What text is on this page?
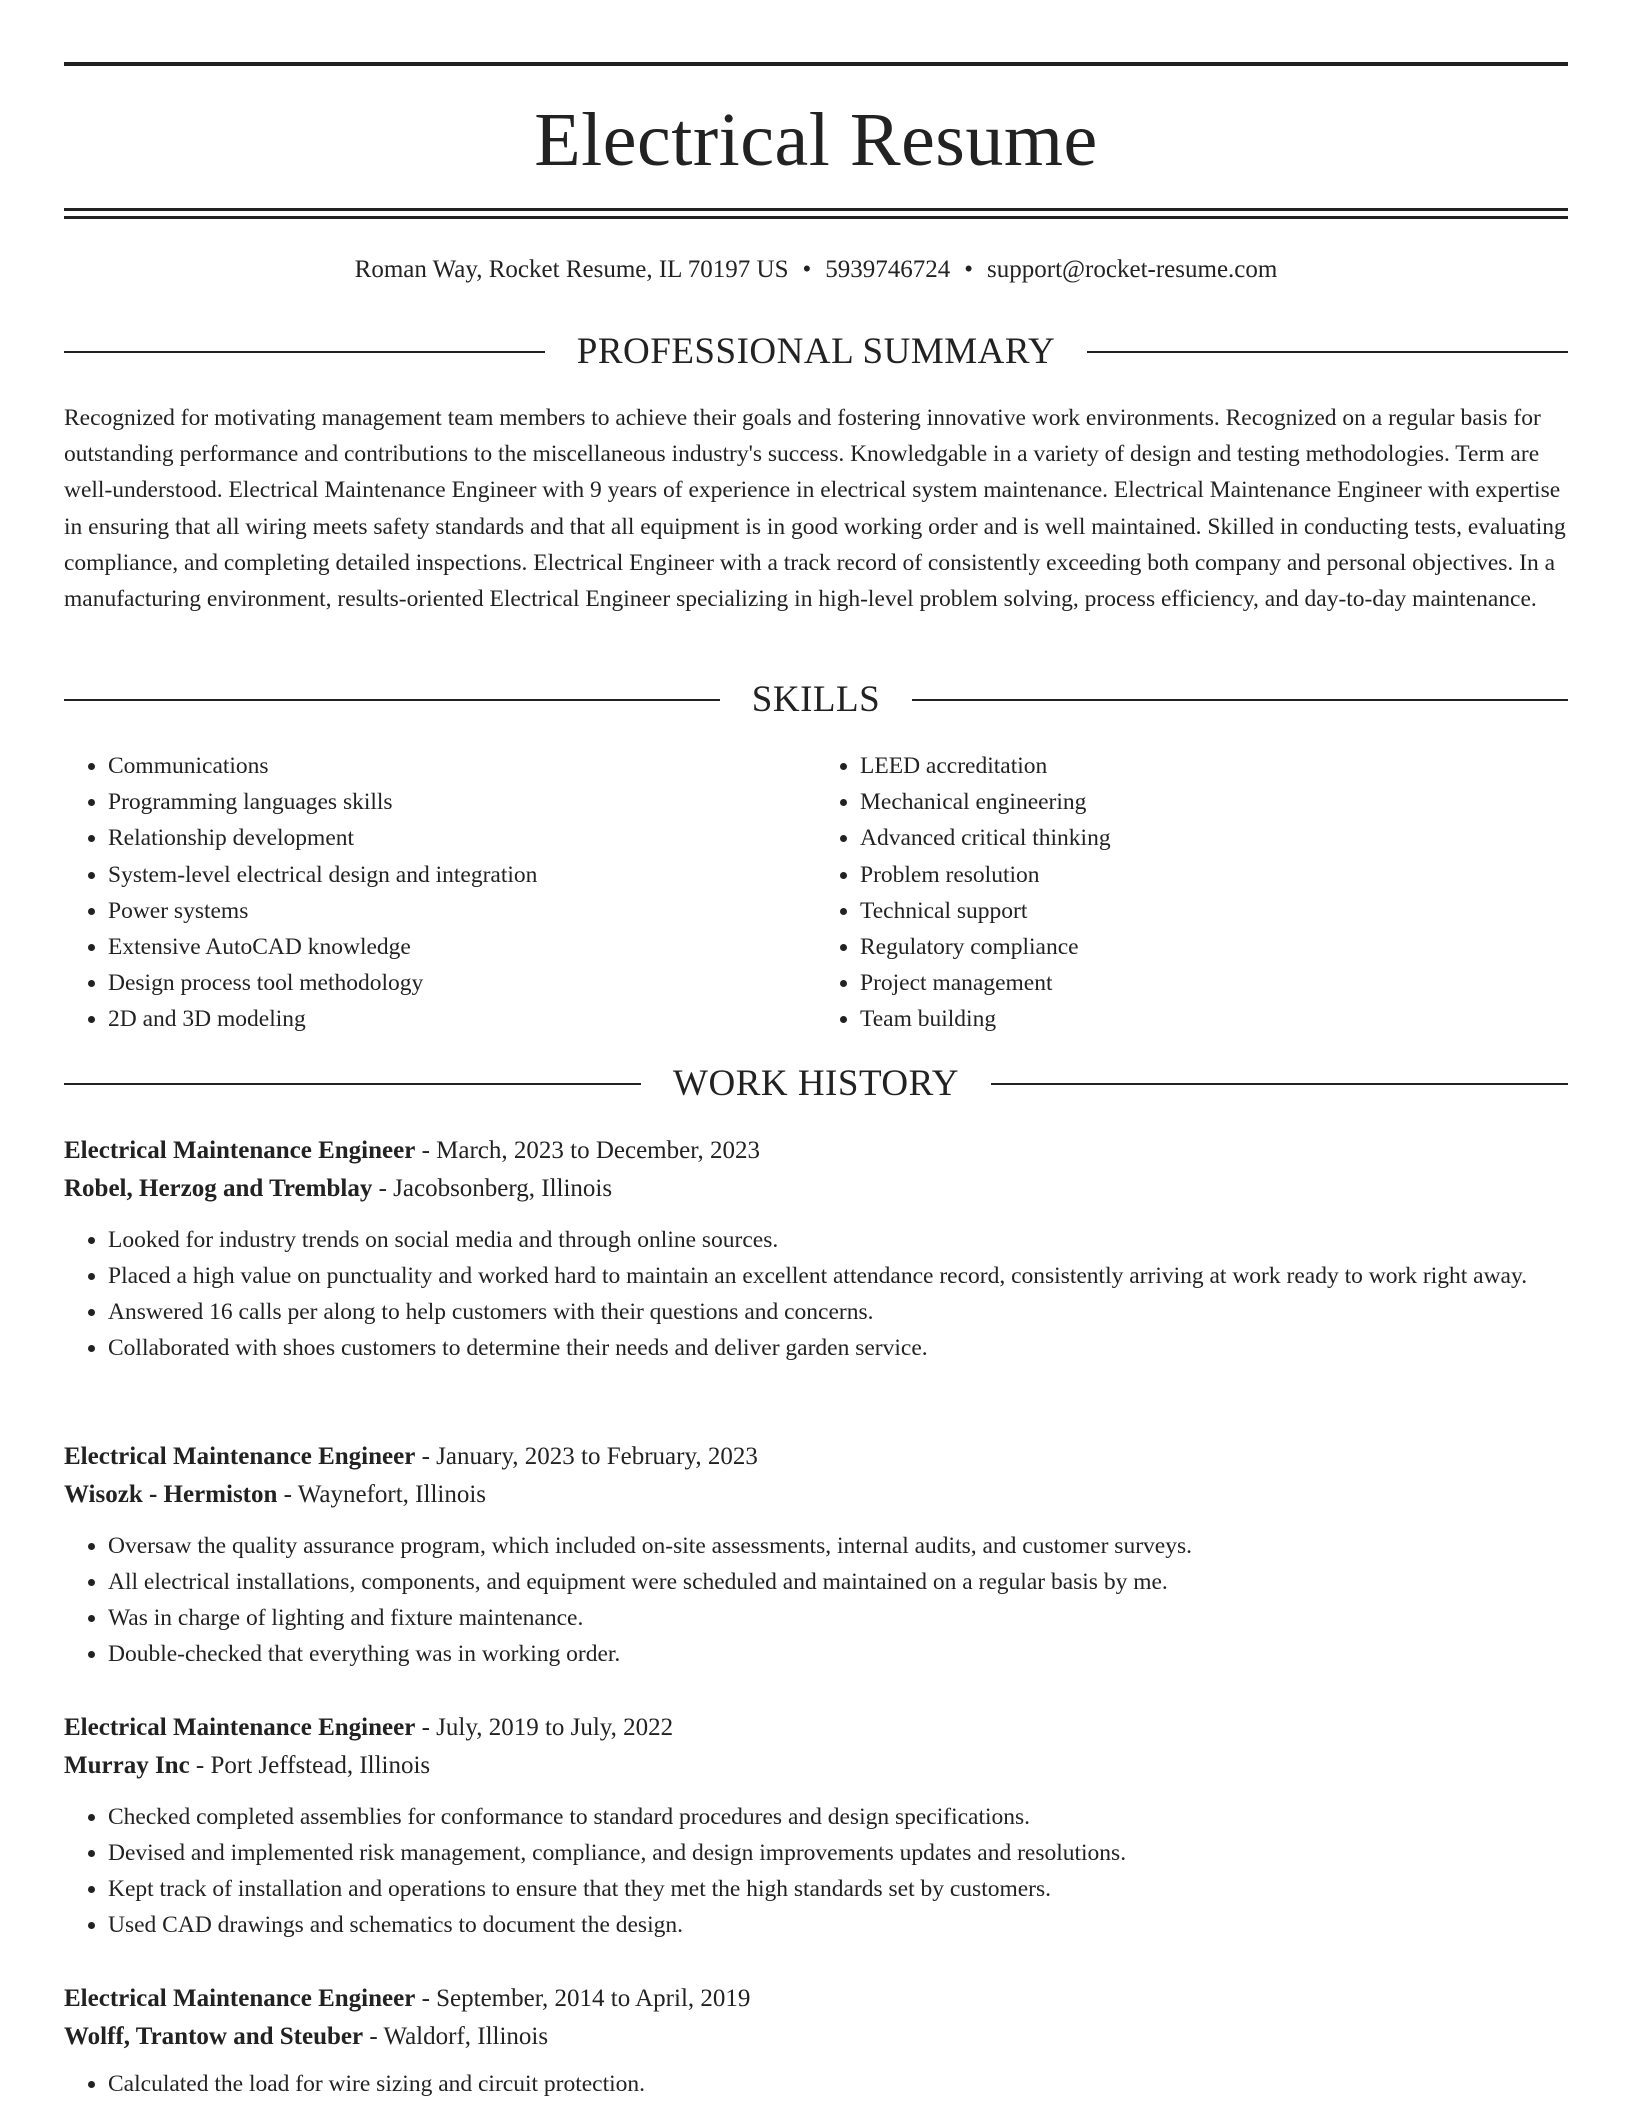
Electrical Resume
Roman Way, Rocket Resume, IL 70197 US • 5939746724 • support@rocket-resume.com
PROFESSIONAL SUMMARY

Recognized for motivating management team members to achieve their goals and fostering innovative work environments. Recognized on a regular basis for outstanding performance and contributions to the miscellaneous industry's success. Knowledgable in a variety of design and testing methodologies. Term are well-understood. Electrical Maintenance Engineer with 9 years of experience in electrical system maintenance. Electrical Maintenance Engineer with expertise in ensuring that all wiring meets safety standards and that all equipment is in good working order and is well maintained. Skilled in conducting tests, evaluating compliance, and completing detailed inspections. Electrical Engineer with a track record of consistently exceeding both company and personal objectives. In a manufacturing environment, results-oriented Electrical Engineer specializing in high-level problem solving, process efficiency, and day-to-day maintenance.

SKILLS
• Communications
• Programming languages skills
• Relationship development
• System-level electrical design and integration
• Power systems
• Extensive AutoCAD knowledge
• Design process tool methodology
• 2D and 3D modeling
• LEED accreditation
• Mechanical engineering
• Advanced critical thinking
• Problem resolution
• Technical support
• Regulatory compliance
• Project management
• Team building
WORK HISTORY
Electrical Maintenance Engineer - March, 2023 to December, 2023
Robel, Herzog and Tremblay - Jacobsonberg, Illinois
• Looked for industry trends on social media and through online sources.
• Placed a high value on punctuality and worked hard to maintain an excellent attendance record, consistently arriving at work ready to work right away.
• Answered 16 calls per along to help customers with their questions and concerns.
• Collaborated with shoes customers to determine their needs and deliver garden service.
Electrical Maintenance Engineer - January, 2023 to February, 2023
Wisozk - Hermiston - Waynefort, Illinois
• Oversaw the quality assurance program, which included on-site assessments, internal audits, and customer surveys.
• All electrical installations, components, and equipment were scheduled and maintained on a regular basis by me.
• Was in charge of lighting and fixture maintenance.
• Double-checked that everything was in working order.
Electrical Maintenance Engineer - July, 2019 to July, 2022
Murray Inc - Port Jeffstead, Illinois
• Checked completed assemblies for conformance to standard procedures and design specifications.
• Devised and implemented risk management, compliance, and design improvements updates and resolutions.
• Kept track of installation and operations to ensure that they met the high standards set by customers.
• Used CAD drawings and schematics to document the design.
Electrical Maintenance Engineer - September, 2014 to April, 2019
Wolff, Trantow and Steuber - Waldorf, Illinois
• Calculated the load for wire sizing and circuit protection.
